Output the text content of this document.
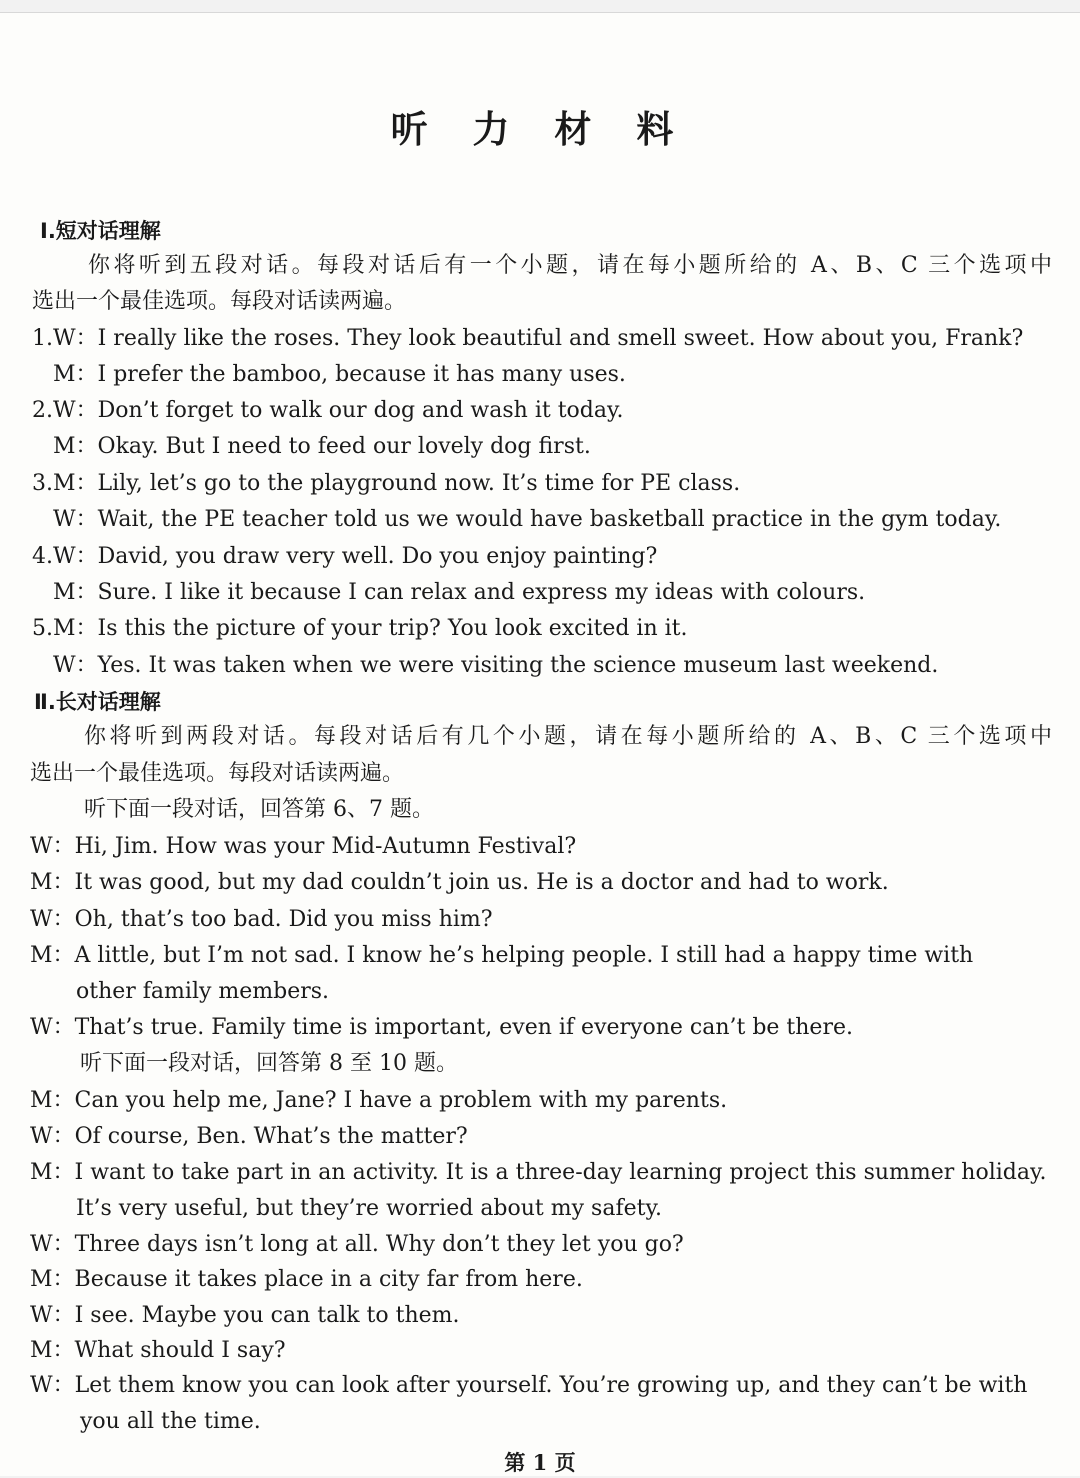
听 力 材 料
Ⅰ.短对话理解
你将听到五段对话。每段对话后有一个小题，请在每小题所给的 A、B、C 三个选项中
选出一个最佳选项。每段对话读两遍。
1.W：I really like the roses. They look beautiful and smell sweet. How about you, Frank?
M：I prefer the bamboo, because it has many uses.
2.W：Don’t forget to walk our dog and wash it today.
M：Okay. But I need to feed our lovely dog first.
3.M：Lily, let’s go to the playground now. It’s time for PE class.
W：Wait, the PE teacher told us we would have basketball practice in the gym today.
4.W：David, you draw very well. Do you enjoy painting?
M：Sure. I like it because I can relax and express my ideas with colours.
5.M：Is this the picture of your trip? You look excited in it.
W：Yes. It was taken when we were visiting the science museum last weekend.
Ⅱ.长对话理解
你将听到两段对话。每段对话后有几个小题，请在每小题所给的 A、B、C 三个选项中
选出一个最佳选项。每段对话读两遍。
听下面一段对话，回答第 6、7 题。
W：Hi, Jim. How was your Mid-Autumn Festival?
M：It was good, but my dad couldn’t join us. He is a doctor and had to work.
W：Oh, that’s too bad. Did you miss him?
M：A little, but I’m not sad. I know he’s helping people. I still had a happy time with
other family members.
W：That’s true. Family time is important, even if everyone can’t be there.
听下面一段对话，回答第 8 至 10 题。
M：Can you help me, Jane? I have a problem with my parents.
W：Of course, Ben. What’s the matter?
M：I want to take part in an activity. It is a three-day learning project this summer holiday.
It’s very useful, but they’re worried about my safety.
W：Three days isn’t long at all. Why don’t they let you go?
M：Because it takes place in a city far from here.
W：I see. Maybe you can talk to them.
M：What should I say?
W：Let them know you can look after yourself. You’re growing up, and they can’t be with
you all the time.
第 1 页
